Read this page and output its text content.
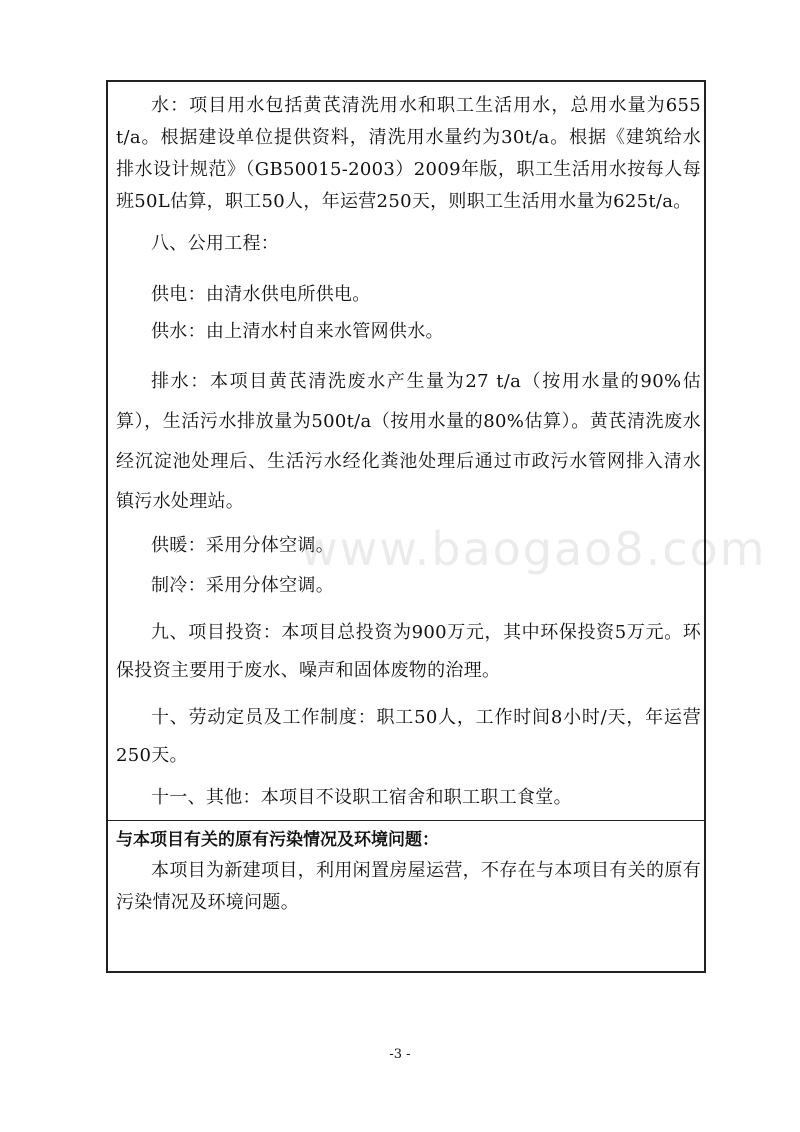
水：项目用水包括黄芪清洗用水和职工生活用水，总用水量为655 t/a。根据建设单位提供资料，清洗用水量约为30t/a。根据《建筑给水排水设计规范》（GB50015-2003）2009年版，职工生活用水按每人每班50L估算，职工50人，年运营250天，则职工生活用水量为625t/a。

八、公用工程：

供电：由清水供电所供电。

供水：由上清水村自来水管网供水。

排水：本项目黄芪清洗废水产生量为27 t/a（按用水量的90%估算），生活污水排放量为500t/a（按用水量的80%估算）。黄芪清洗废水经沉淀池处理后、生活污水经化粪池处理后通过市政污水管网排入清水镇污水处理站。

供暖：采用分体空调。

制冷：采用分体空调。

九、项目投资：本项目总投资为900万元，其中环保投资5万元。环保投资主要用于废水、噪声和固体废物的治理。

十、劳动定员及工作制度：职工50人，工作时间8小时/天，年运营250天。

十一、其他：本项目不设职工宿舍和职工职工食堂。

与本项目有关的原有污染情况及环境问题：

本项目为新建项目，利用闲置房屋运营，不存在与本项目有关的原有污染情况及环境问题。

www.baogao8.com
-3 -
